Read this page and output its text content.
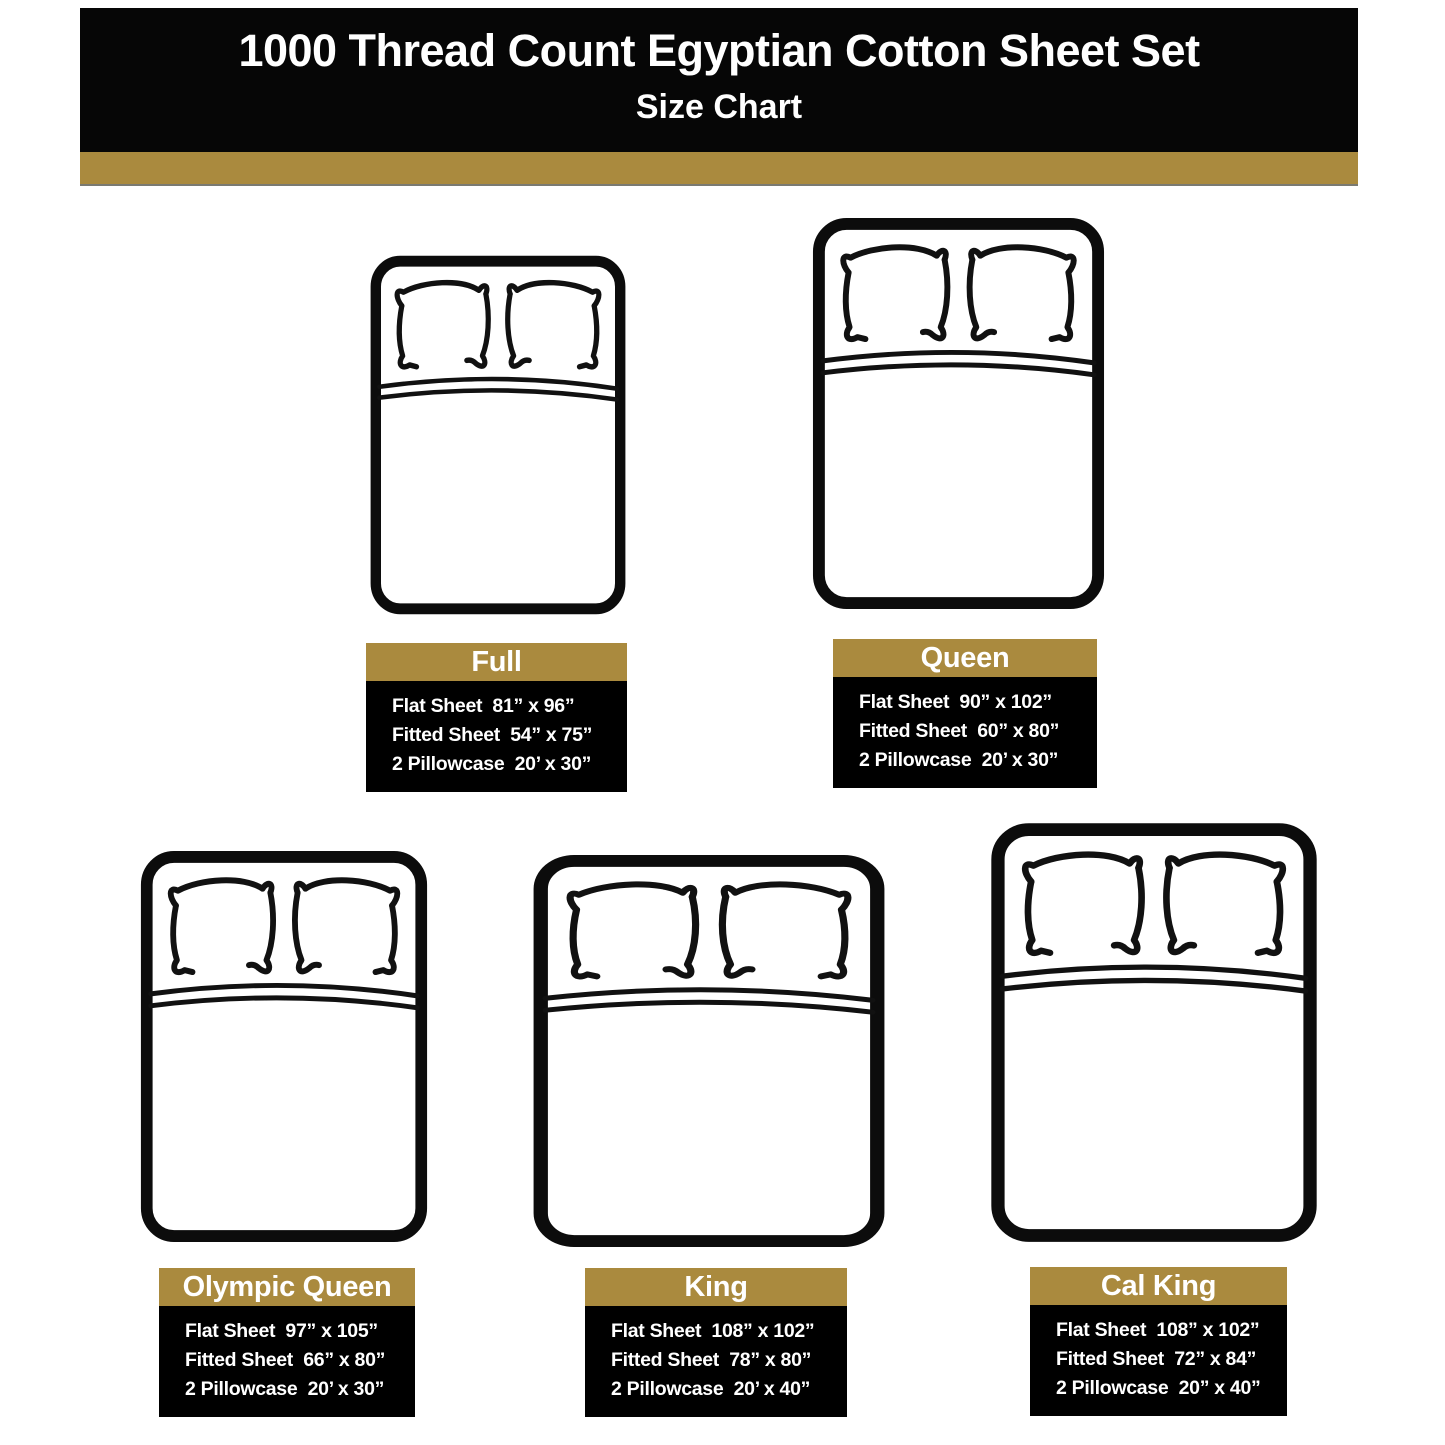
1000 Thread Count Egyptian Cotton Sheet Set
Size Chart
Full
Flat Sheet  81” x 96”
Fitted Sheet  54” x 75”
2 Pillowcase  20’ x 30”
Queen
Flat Sheet  90” x 102”
Fitted Sheet  60” x 80”
2 Pillowcase  20’ x 30”
Olympic Queen
Flat Sheet  97” x 105”
Fitted Sheet  66” x 80”
2 Pillowcase  20’ x 30”
King
Flat Sheet  108” x 102”
Fitted Sheet  78” x 80”
2 Pillowcase  20’ x 40”
Cal King
Flat Sheet  108” x 102”
Fitted Sheet  72” x 84”
2 Pillowcase  20” x 40”
